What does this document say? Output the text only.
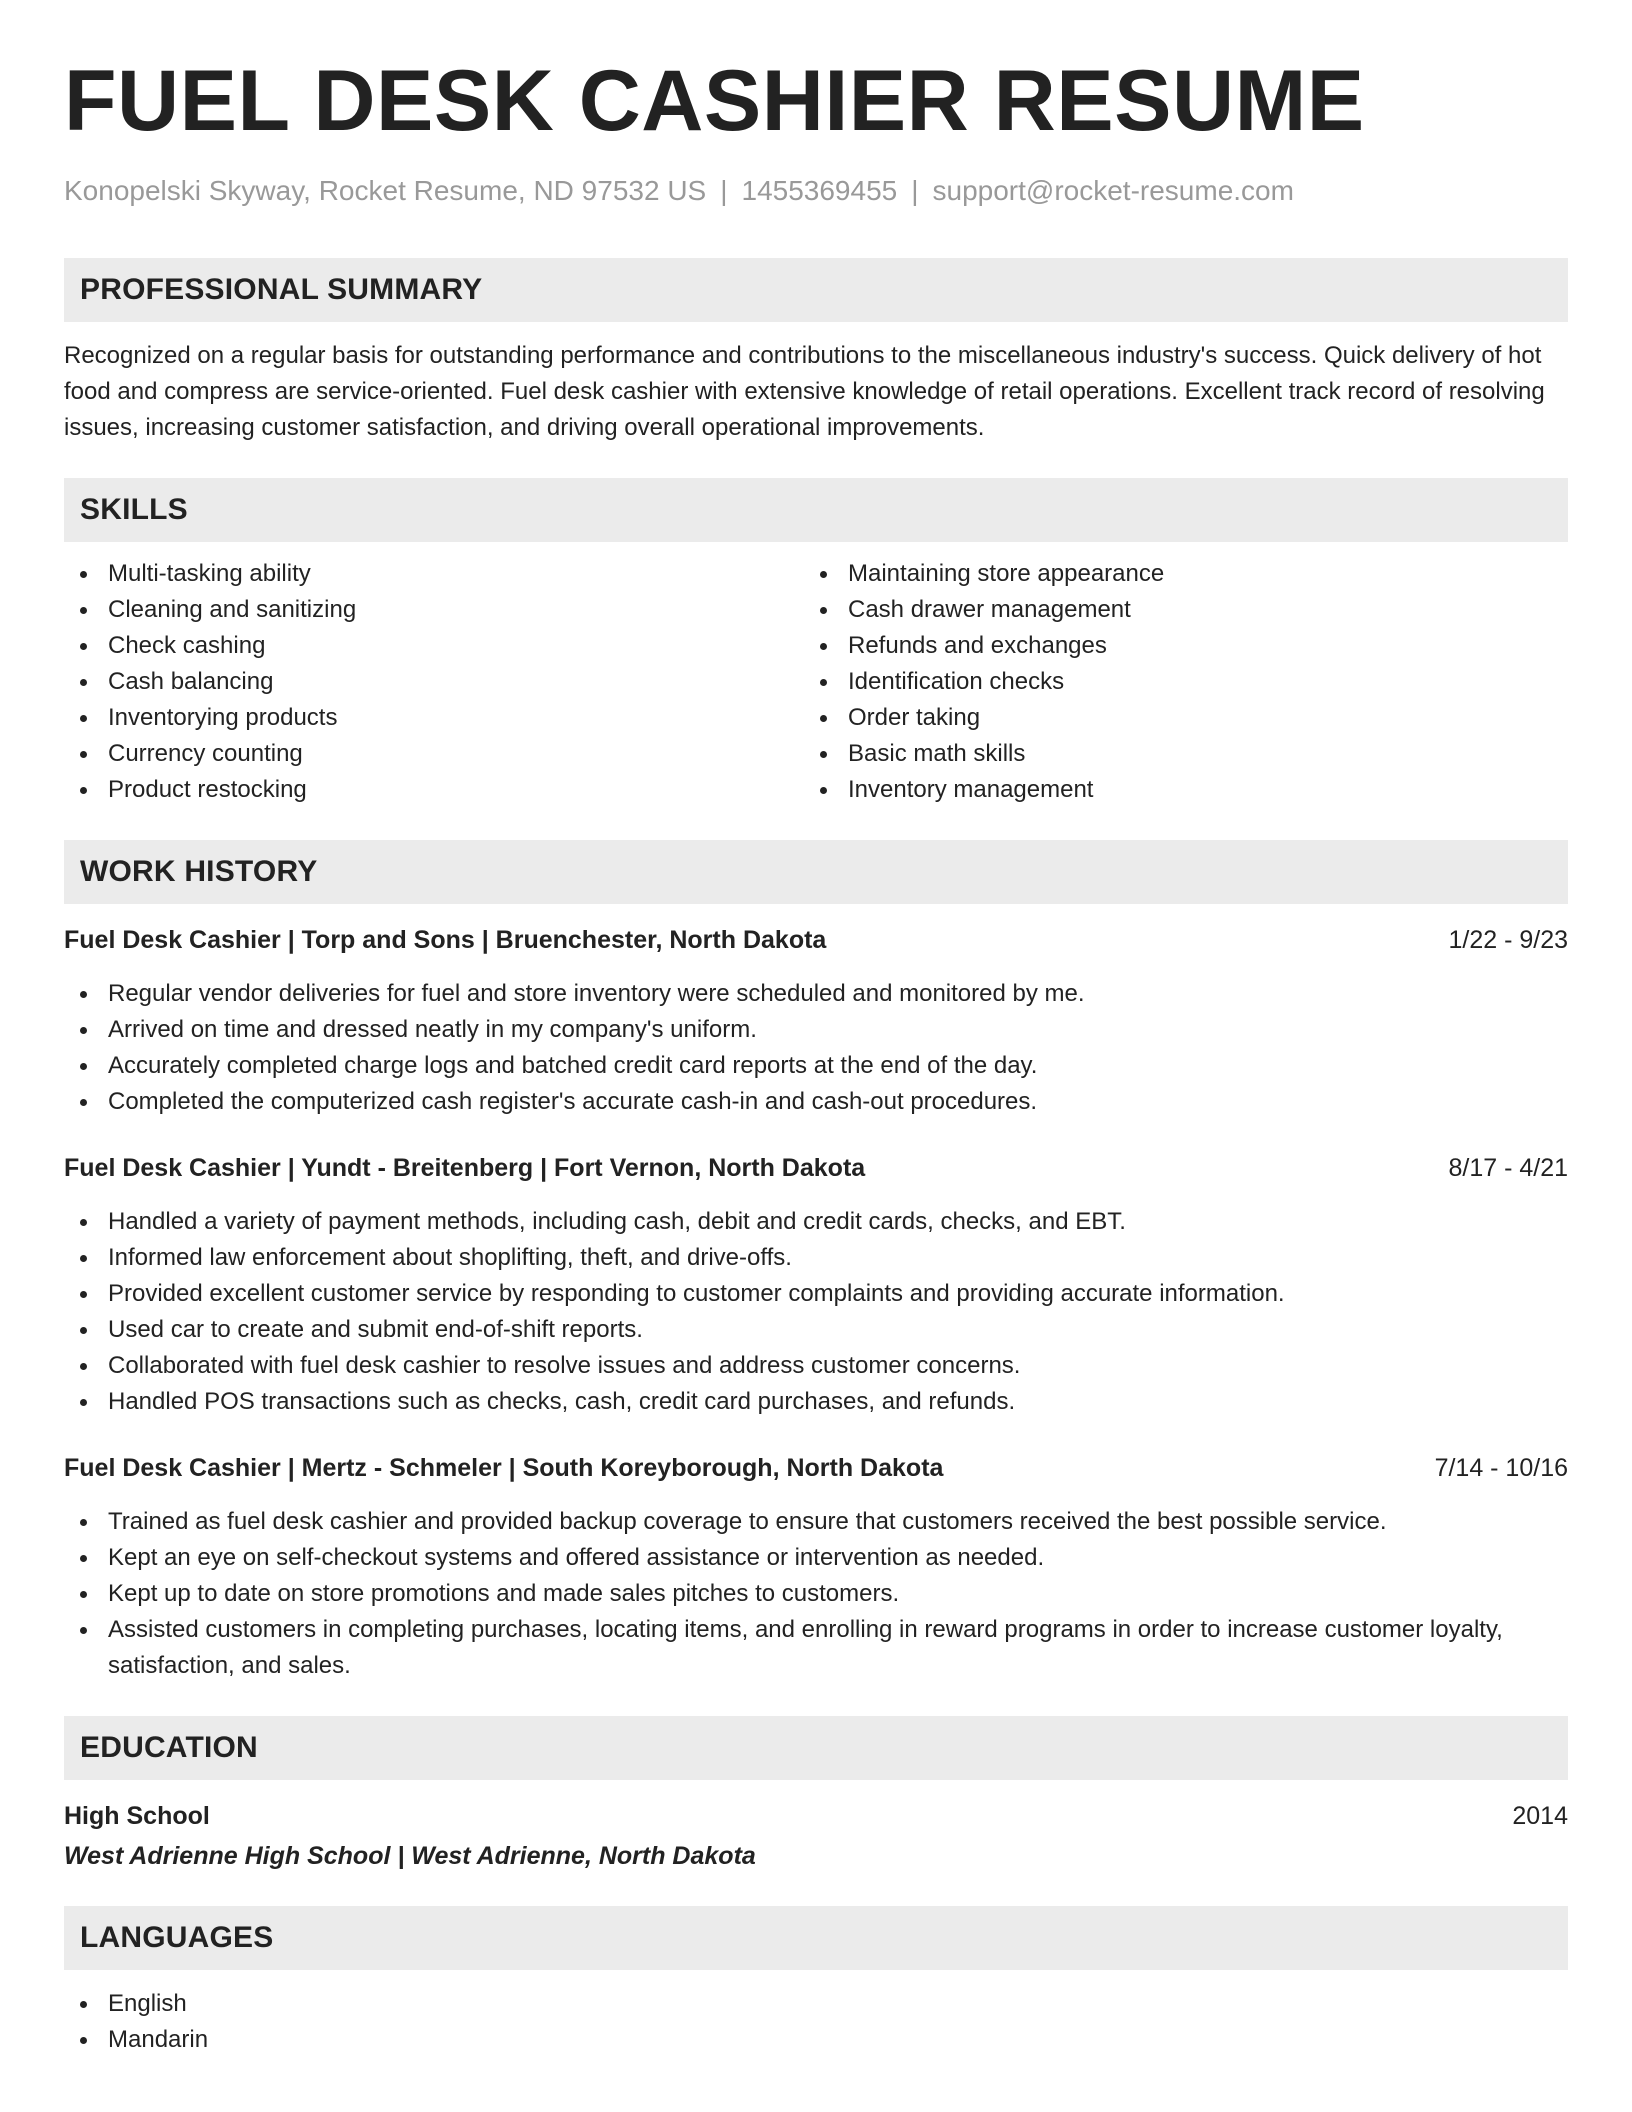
FUEL DESK CASHIER RESUME
Konopelski Skyway, Rocket Resume, ND 97532 US | 1455369455 | support@rocket-resume.com
PROFESSIONAL SUMMARY

Recognized on a regular basis for outstanding performance and contributions to the miscellaneous industry's success. Quick delivery of hot food and compress are service-oriented. Fuel desk cashier with extensive knowledge of retail operations. Excellent track record of resolving issues, increasing customer satisfaction, and driving overall operational improvements.

SKILLS
Multi-tasking ability
Cleaning and sanitizing
Check cashing
Cash balancing
Inventorying products
Currency counting
Product restocking
Maintaining store appearance
Cash drawer management
Refunds and exchanges
Identification checks
Order taking
Basic math skills
Inventory management
WORK HISTORY
Fuel Desk Cashier | Torp and Sons | Bruenchester, North Dakota	1/22 - 9/23
Regular vendor deliveries for fuel and store inventory were scheduled and monitored by me.
Arrived on time and dressed neatly in my company's uniform.
Accurately completed charge logs and batched credit card reports at the end of the day.
Completed the computerized cash register's accurate cash-in and cash-out procedures.
Fuel Desk Cashier | Yundt - Breitenberg | Fort Vernon, North Dakota	8/17 - 4/21
Handled a variety of payment methods, including cash, debit and credit cards, checks, and EBT.
Informed law enforcement about shoplifting, theft, and drive-offs.
Provided excellent customer service by responding to customer complaints and providing accurate information.
Used car to create and submit end-of-shift reports.
Collaborated with fuel desk cashier to resolve issues and address customer concerns.
Handled POS transactions such as checks, cash, credit card purchases, and refunds.
Fuel Desk Cashier | Mertz - Schmeler | South Koreyborough, North Dakota	7/14 - 10/16
Trained as fuel desk cashier and provided backup coverage to ensure that customers received the best possible service.
Kept an eye on self-checkout systems and offered assistance or intervention as needed.
Kept up to date on store promotions and made sales pitches to customers.
Assisted customers in completing purchases, locating items, and enrolling in reward programs in order to increase customer loyalty, satisfaction, and sales.
EDUCATION
High School	2014
West Adrienne High School | West Adrienne, North Dakota
LANGUAGES
English
Mandarin
